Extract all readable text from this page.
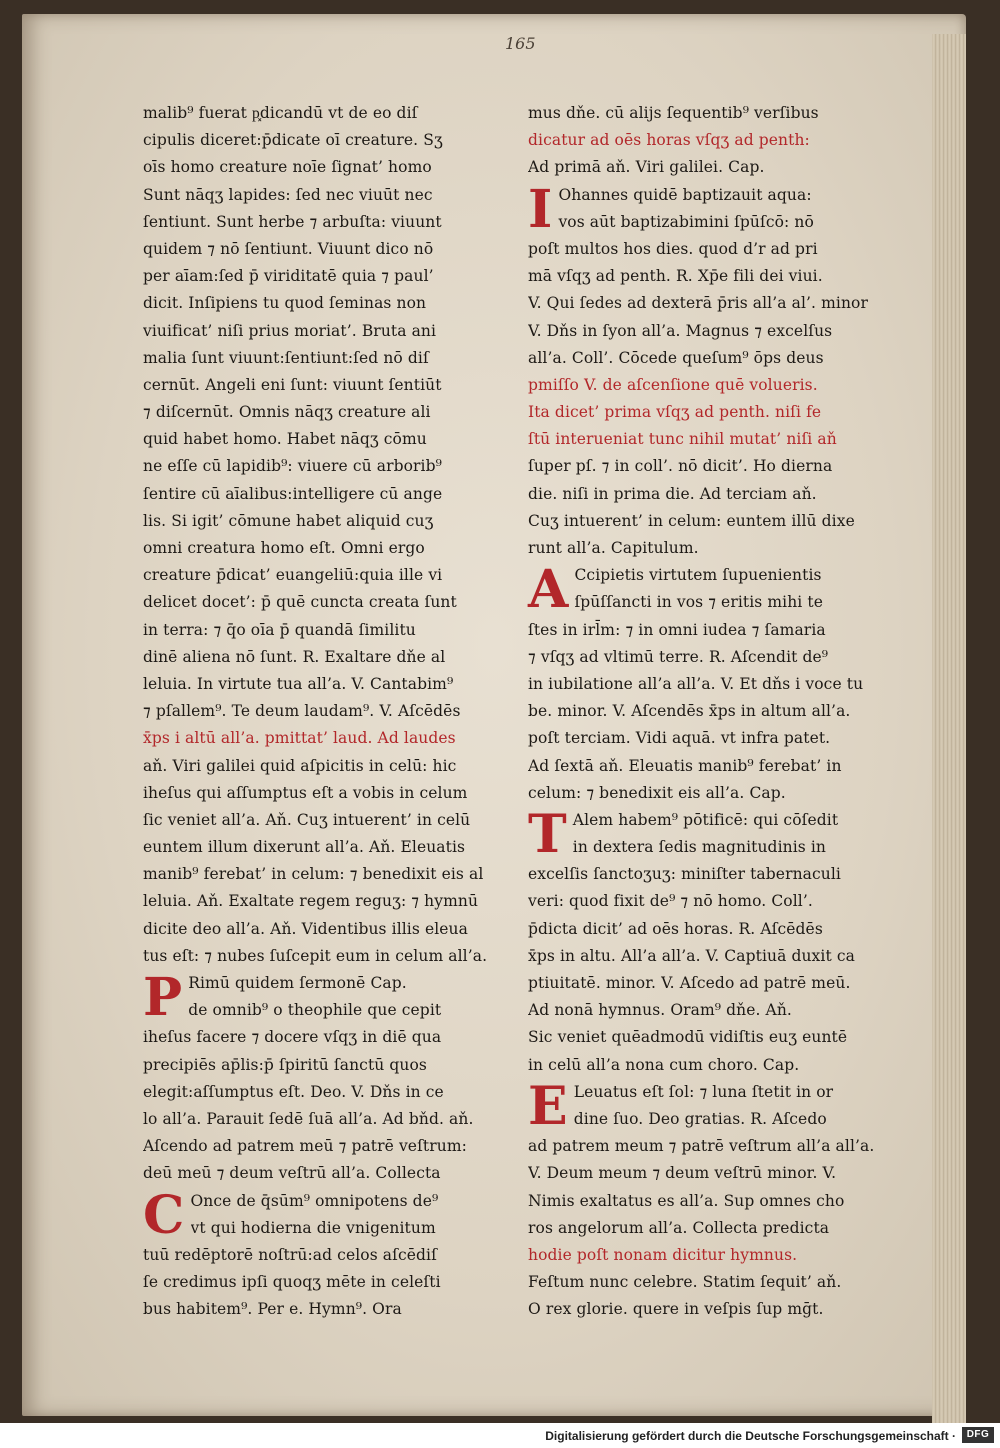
165
malib⁹ fuerat p͓dicandū vt de eo diſ
cipulis diceret:p̄dicate oī creature. Sʒ
oīs homo creature noīe ſignat’ homo
Sunt nāqʒ lapides: ſed nec viuūt nec
ſentiunt. Sunt herbe ⁊ arbuſta: viuunt
quidem ⁊ nō ſentiunt. Viuunt dico nō
per aīam:ſed p̄ viriditatē quia ⁊ paul’
dicit. Inſipiens tu quod ſeminas non
viuificat’ niſi prius moriat’. Bruta ani
malia ſunt viuunt:ſentiunt:ſed nō diſ
cernūt. Angeli eni ſunt: viuunt ſentiūt
⁊ diſcernūt. Omnis nāqʒ creature ali
quid habet homo. Habet nāqʒ cōmu
ne eſſe cū lapidib⁹: viuere cū arborib⁹
ſentire cū aīalibus:intelligere cū ange
lis. Si igit’ cōmune habet aliquid cuʒ
omni creatura homo eſt. Omni ergo
creature p̄dicat’ euangeliū:quia ille vi
delicet docet’: p̄ quē cuncta creata ſunt
in terra: ⁊ q̄o oīa p̄ quandā ſimilitu
dinē aliena nō ſunt. R. Exaltare dňe al
leluia. In virtute tua all’a. V. Cantabim⁹
⁊ pſallem⁹. Te deum laudam⁹. V. Aſcēdēs
x̄ps i altū all’a. pmittat’ laud. Ad laudes
aň. Viri galilei quid aſpicitis in celū: hic
iheſus qui aſſumptus eſt a vobis in celum
ſic veniet all’a. Aň. Cuʒ intuerent’ in celū
euntem illum dixerunt all’a. Aň. Eleuatis
manib⁹ ferebat’ in celum: ⁊ benedixit eis al
leluia. Aň. Exaltate regem reguʒ: ⁊ hymnū
dicite deo all’a. Aň. Videntibus illis eleua
tus eſt: ⁊ nubes ſuſcepit eum in celum all’a.
P Rimū quidem ſermonē Cap.
de omnib⁹ o theophile que cepit
iheſus facere ⁊ docere vſqʒ in diē qua
precipiēs ap̄lis:p̄ ſpiritū ſanctū quos
elegit:aſſumptus eſt. Deo. V. Dňs in ce
lo all’a. Parauit ſedē ſuā all’a. Ad bňd. aň.
Aſcendo ad patrem meū ⁊ patrē veſtrum:
deū meū ⁊ deum veſtrū all’a. Collecta
C Once de q̄sūm⁹ omnipotens de⁹
vt qui hodierna die vnigenitum
tuū redēptorē noſtrū:ad celos aſcēdiſ
ſe credimus ipſi quoqʒ mēte in celeſti
bus habitem⁹. Per e. Hymn⁹. Ora
mus dňe. cū alijs ſequentib⁹ verſibus
dicatur ad oēs horas vſqʒ ad penth:
Ad primā aň. Viri galilei. Cap.
I Ohannes quidē baptizauit aqua:
vos aūt baptizabimini ſpūſcō: nō
poſt multos hos dies. quod d’r ad pri
mā vſqʒ ad penth. R. Xp̄e fili dei viui.
V. Qui ſedes ad dexterā p̄ris all’a al’. minor
V. Dňs in ſyon all’a. Magnus ⁊ excelſus
all’a. Coll’. Cōcede queſum⁹ ōps deus
pmiſſo V. de aſcenſione quē volueris.
Ita dicet’ prima vſqʒ ad penth. niſi fe
ſtū interueniat tunc nihil mutat’ niſi aň
ſuper pſ. ⁊ in coll’. nō dicit’. Ho dierna
die. niſi in prima die. Ad terciam aň.
Cuʒ intuerent’ in celum: euntem illū dixe
runt all’a. Capitulum.
A Ccipietis virtutem ſupuenientis
ſpūſſancti in vos ⁊ eritis mihi te
ſtes in irl̄m: ⁊ in omni iudea ⁊ ſamaria
⁊ vſqʒ ad vltimū terre. R. Aſcendit de⁹
in iubilatione all’a all’a. V. Et dňs i voce tu
be. minor. V. Aſcendēs x̄ps in altum all’a.
poſt terciam. Vidi aquā. vt infra patet.
Ad ſextā aň. Eleuatis manib⁹ ferebat’ in
celum: ⁊ benedixit eis all’a. Cap.
T Alem habem⁹ pōtificē: qui cōſedit
in dextera ſedis magnitudinis in
excelſis ſanctoʒuʒ: miniſter tabernaculi
veri: quod fixit de⁹ ⁊ nō homo. Coll’.
p̄dicta dicit’ ad oēs horas. R. Aſcēdēs
x̄ps in altu. All’a all’a. V. Captiuā duxit ca
ptiuitatē. minor. V. Aſcedo ad patrē meū.
Ad nonā hymnus. Oram⁹ dňe. Aň.
Sic veniet quēadmodū vidiſtis euʒ euntē
in celū all’a nona cum choro. Cap.
E Leuatus eſt ſol: ⁊ luna ſtetit in or
dine ſuo. Deo gratias. R. Aſcedo
ad patrem meum ⁊ patrē veſtrum all’a all’a.
V. Deum meum ⁊ deum veſtrū minor. V.
Nimis exaltatus es all’a. Sup omnes cho
ros angelorum all’a. Collecta predicta
hodie poſt nonam dicitur hymnus.
Feſtum nunc celebre. Statim ſequit’ aň.
O rex glorie. quere in veſpis ſup mḡt.
Digitalisierung gefördert durch die Deutsche Forschungsgemeinschaft ·	DFG
